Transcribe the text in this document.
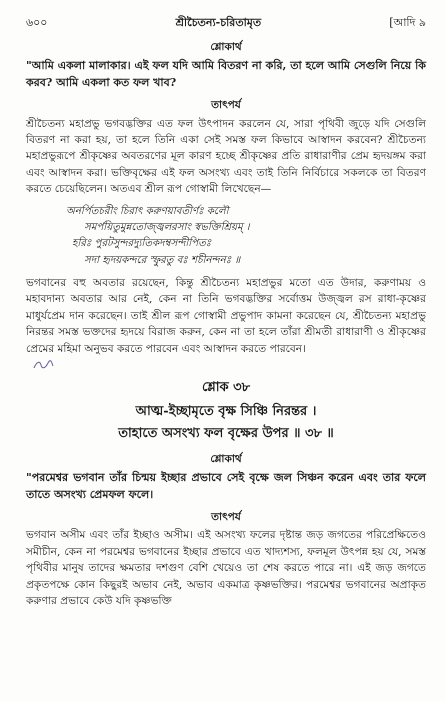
৬০০	শ্রীচৈতন্য-চরিতামৃত	[আদি ৯
শ্লোকার্থ
"আমি একলা মালাকার। এই ফল যদি আমি বিতরণ না করি, তা হলে আমি সেগুলি নিয়ে কি করব? আমি একলা কত ফল খাব?
তাৎপর্য

শ্রীচৈতন্য মহাপ্রভু ভগবদ্ভক্তির এত ফল উৎপাদন করলেন যে, সারা পৃথিবী জুড়ে যদি সেগুলি বিতরণ না করা হয়, তা হলে তিনি একা সেই সমস্ত ফল কিভাবে আস্বাদন করবেন? শ্রীচৈতন্য মহাপ্রভুরূপে শ্রীকৃষ্ণের অবতরণের মূল কারণ হচ্ছে শ্রীকৃষ্ণের প্রতি রাধারাণীর প্রেম হৃদয়ঙ্গম করা এবং আস্বাদন করা। ভক্তিবৃক্ষের এই ফল অসংখ্য এবং তাই তিনি নির্বিচারে সকলকে তা বিতরণ করতে চেয়েছিলেন। অতএব শ্রীল রূপ গোস্বামী লিখেছেন—

অনর্পিতচরীং চিরাৎ করুণয়াবতীর্ণঃ কলৌ
সমর্পয়িতুমুন্নতোজ্জ্বলরসাং স্বভক্তিশ্রিয়ম্ ।
হরিঃ পুরটসুন্দরদ্যুতিকদম্বসন্দীপিতঃ
সদা হৃদয়কন্দরে স্ফুরতু বঃ শচীনন্দনঃ ॥

ভগবানের বহু অবতার রয়েছেন, কিন্তু শ্রীচৈতন্য মহাপ্রভুর মতো এত উদার, করুণাময় ও মহাবদান্য অবতার আর নেই, কেন না তিনি ভগবদ্ভক্তির সর্বোত্তম উজ্জ্বল রস রাধা-কৃষ্ণের মাধুর্যপ্রেম দান করেছেন। তাই শ্রীল রূপ গোস্বামী প্রভুপাদ কামনা করেছেন যে, শ্রীচৈতন্য মহাপ্রভু নিরন্তর সমস্ত ভক্তদের হৃদয়ে বিরাজ করুন, কেন না তা হলে তাঁরা শ্রীমতী রাধারাণী ও শ্রীকৃষ্ণের প্রেমের মহিমা অনুভব করতে পারবেন এবং আস্বাদন করতে পারবেন।

শ্লোক ৩৮
আত্ম-ইচ্ছামৃতে বৃক্ষ সিঞ্চি নিরন্তর ।
তাহাতে অসংখ্য ফল বৃক্ষের উপর ॥ ৩৮ ॥
শ্লোকার্থ
"পরমেশ্বর ভগবান তাঁর চিন্ময় ইচ্ছার প্রভাবে সেই বৃক্ষে জল সিঞ্চন করেন এবং তার ফলে তাতে অসংখ্য প্রেমফল ফলে।
তাৎপর্য

ভগবান অসীম এবং তাঁর ইচ্ছাও অসীম। এই অসংখ্য ফলের দৃষ্টান্ত জড় জগতের পরিপ্রেক্ষিতেও সমীচীন, কেন না পরমেশ্বর ভগবানের ইচ্ছার প্রভাবে এত খাদ্যশস্য, ফলমূল উৎপন্ন হয় যে, সমস্ত পৃথিবীর মানুষ তাদের ক্ষমতার দশগুণ বেশি খেয়েও তা শেষ করতে পারে না। এই জড় জগতে প্রকৃতপক্ষে কোন কিছুরই অভাব নেই, অভাব একমাত্র কৃষ্ণভক্তির। পরমেশ্বর ভগবানের অপ্রাকৃত করুণার প্রভাবে কেউ যদি কৃষ্ণভক্তি
